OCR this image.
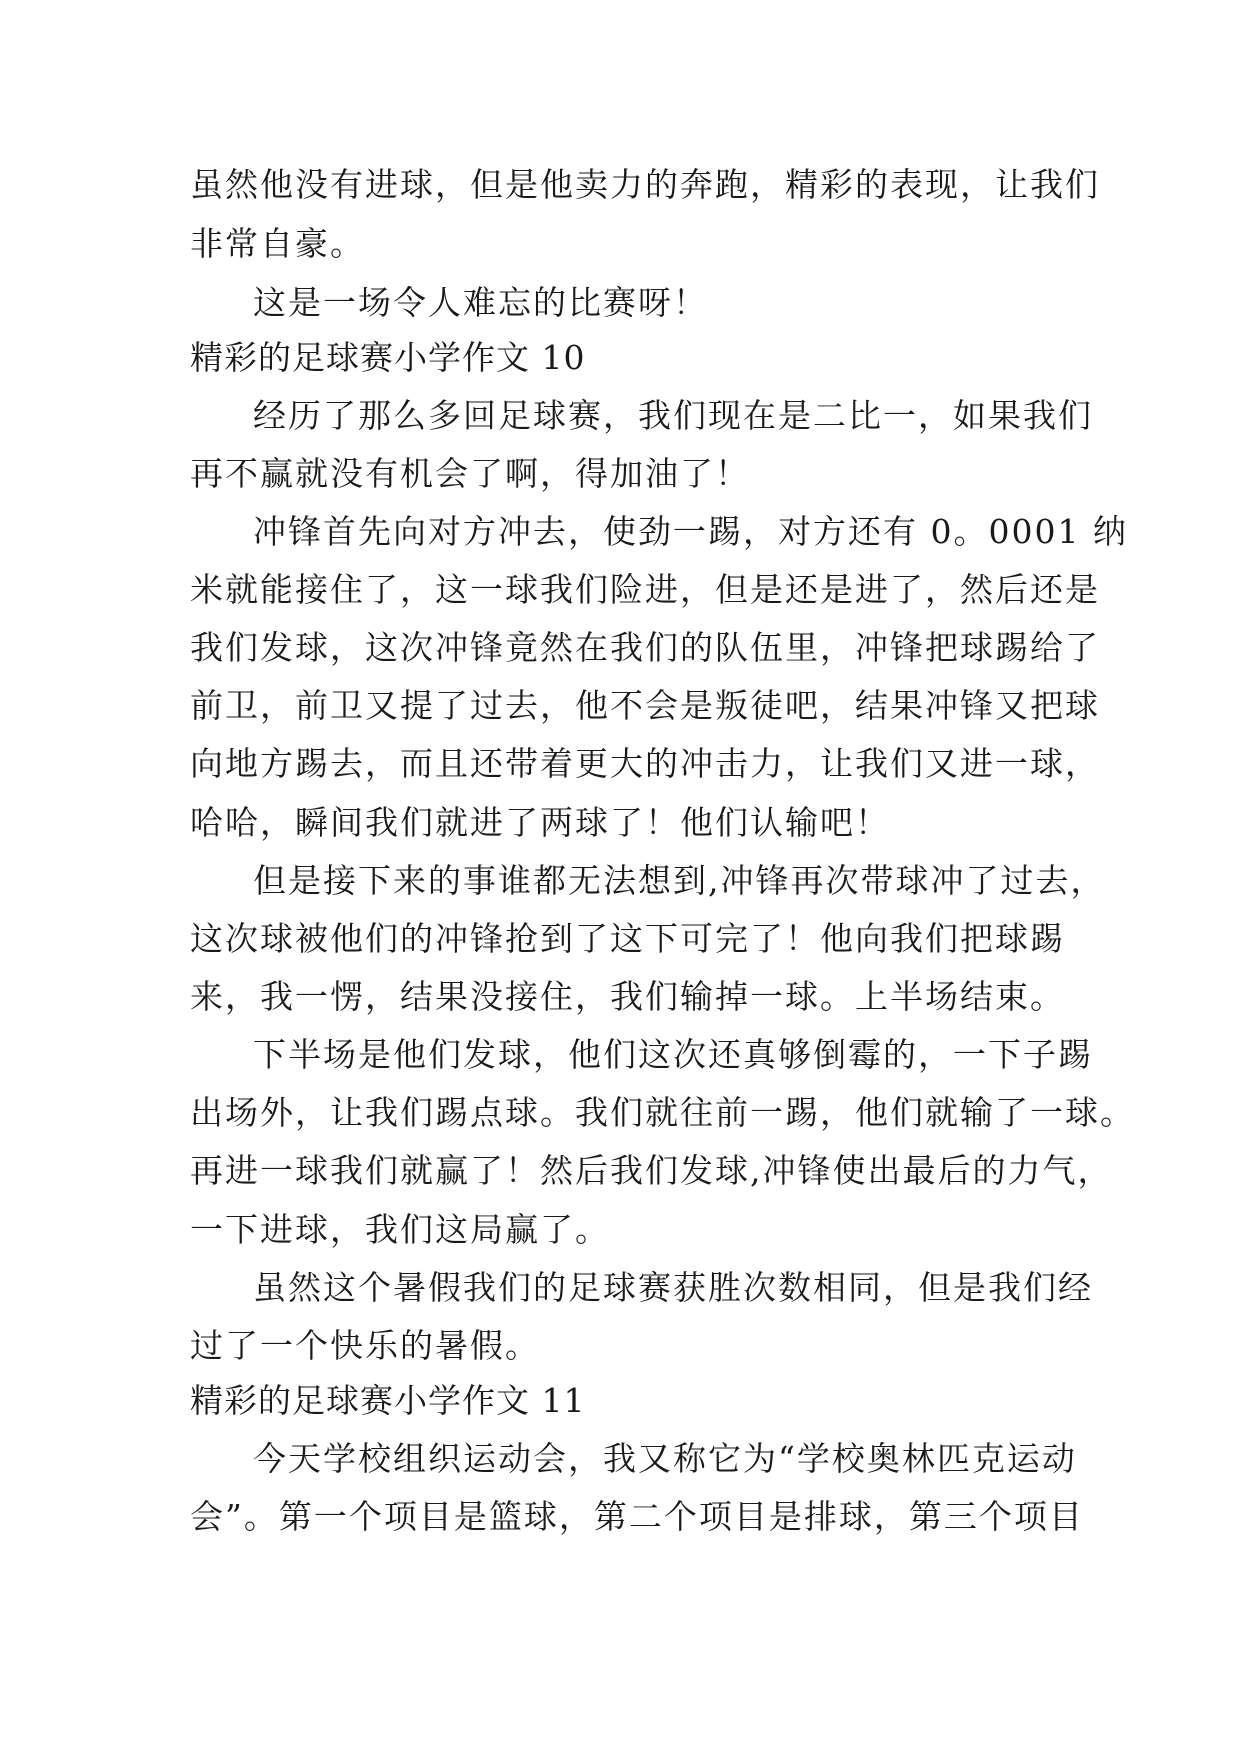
虽然他没有进球，但是他卖力的奔跑，精彩的表现，让我们
非常自豪。
这是一场令人难忘的比赛呀！
精彩的足球赛小学作文 10
经历了那么多回足球赛，我们现在是二比一，如果我们
再不赢就没有机会了啊，得加油了！
冲锋首先向对方冲去，使劲一踢，对方还有 0。0001 纳
米就能接住了，这一球我们险进，但是还是进了，然后还是
我们发球，这次冲锋竟然在我们的队伍里，冲锋把球踢给了
前卫，前卫又提了过去，他不会是叛徒吧，结果冲锋又把球
向地方踢去，而且还带着更大的冲击力，让我们又进一球，
哈哈，瞬间我们就进了两球了！他们认输吧！
但是接下来的事谁都无法想到,冲锋再次带球冲了过去，
这次球被他们的冲锋抢到了这下可完了！他向我们把球踢
来，我一愣，结果没接住，我们输掉一球。上半场结束。
下半场是他们发球，他们这次还真够倒霉的，一下子踢
出场外，让我们踢点球。我们就往前一踢，他们就输了一球。
再进一球我们就赢了！然后我们发球,冲锋使出最后的力气，
一下进球，我们这局赢了。
虽然这个暑假我们的足球赛获胜次数相同，但是我们经
过了一个快乐的暑假。
精彩的足球赛小学作文 11
今天学校组织运动会，我又称它为“学校奥林匹克运动
会”。第一个项目是篮球，第二个项目是排球，第三个项目
